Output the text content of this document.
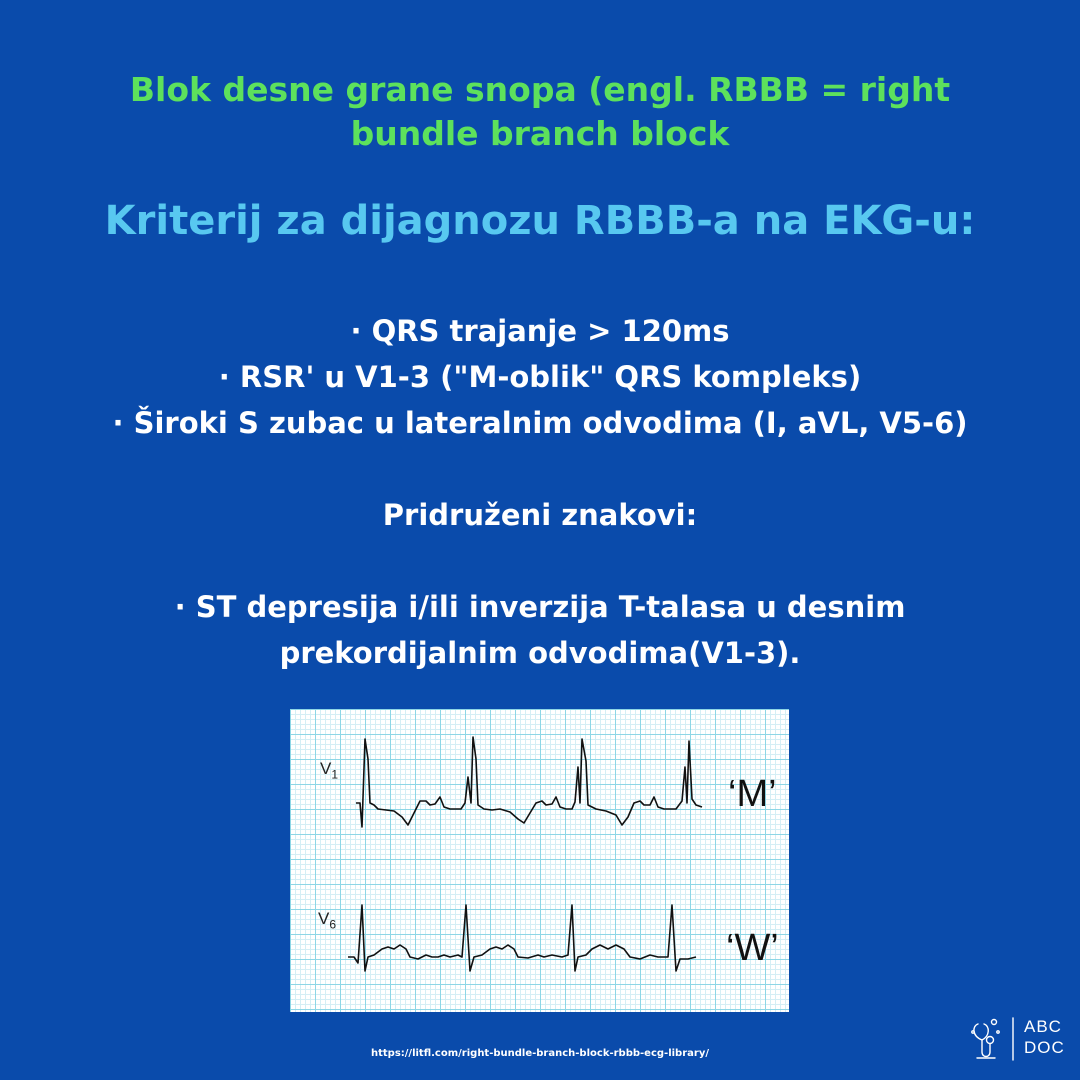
Blok desne grane snopa (engl. RBBB = right bundle branch block
Kriterij za dijagnozu RBBB-a na EKG-u:
· QRS trajanje > 120ms
· RSR' u V1-3 ("M-oblik" QRS kompleks)
· Široki S zubac u lateralnim odvodima (I, aVL, V5-6)
Pridruženi znakovi:
· ST depresija i/ili inverzija T-talasa u desnim prekordijalnim odvodima(V1-3).
$V_1$
$V_6$
‘M’
‘W’
https://litfl.com/right-bundle-branch-block-rbbb-ecg-library/
ABC
DOC
